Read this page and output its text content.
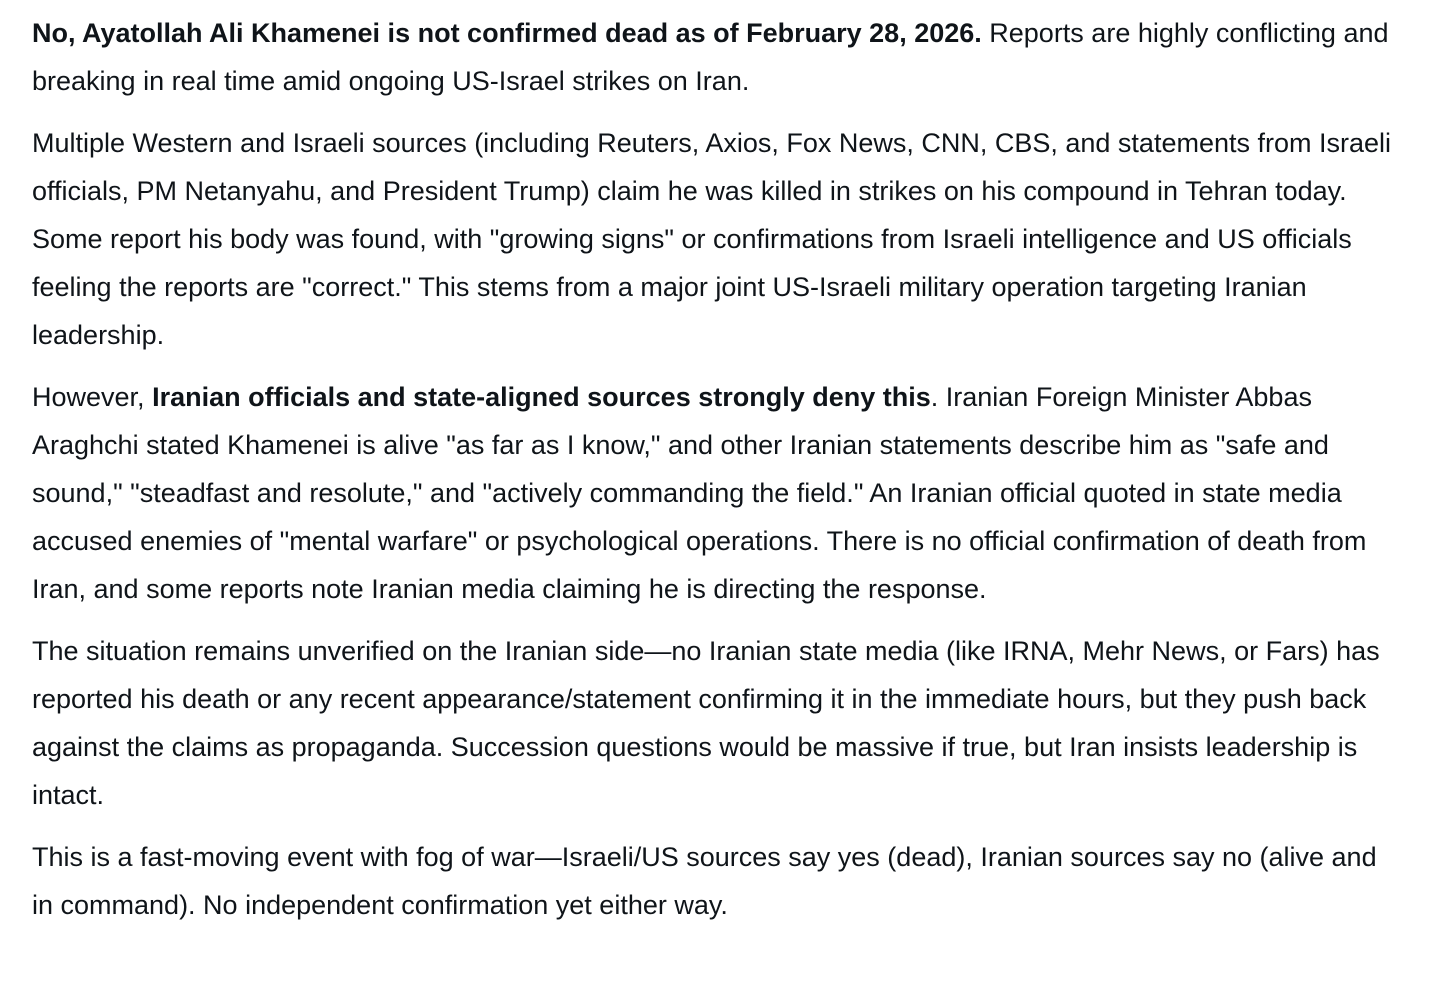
No, Ayatollah Ali Khamenei is not confirmed dead as of February 28, 2026. Reports are highly conflicting and breaking in real time amid ongoing US-Israel strikes on Iran.

Multiple Western and Israeli sources (including Reuters, Axios, Fox News, CNN, CBS, and statements from Israeli officials, PM Netanyahu, and President Trump) claim he was killed in strikes on his compound in Tehran today. Some report his body was found, with "growing signs" or confirmations from Israeli intelligence and US officials feeling the reports are "correct." This stems from a major joint US-Israeli military operation targeting Iranian leadership.

However, Iranian officials and state-aligned sources strongly deny this. Iranian Foreign Minister Abbas Araghchi stated Khamenei is alive "as far as I know," and other Iranian statements describe him as "safe and sound," "steadfast and resolute," and "actively commanding the field." An Iranian official quoted in state media accused enemies of "mental warfare" or psychological operations. There is no official confirmation of death from Iran, and some reports note Iranian media claiming he is directing the response.

The situation remains unverified on the Iranian side—no Iranian state media (like IRNA, Mehr News, or Fars) has reported his death or any recent appearance/statement confirming it in the immediate hours, but they push back against the claims as propaganda. Succession questions would be massive if true, but Iran insists leadership is intact.

This is a fast-moving event with fog of war—Israeli/US sources say yes (dead), Iranian sources say no (alive and in command). No independent confirmation yet either way.
